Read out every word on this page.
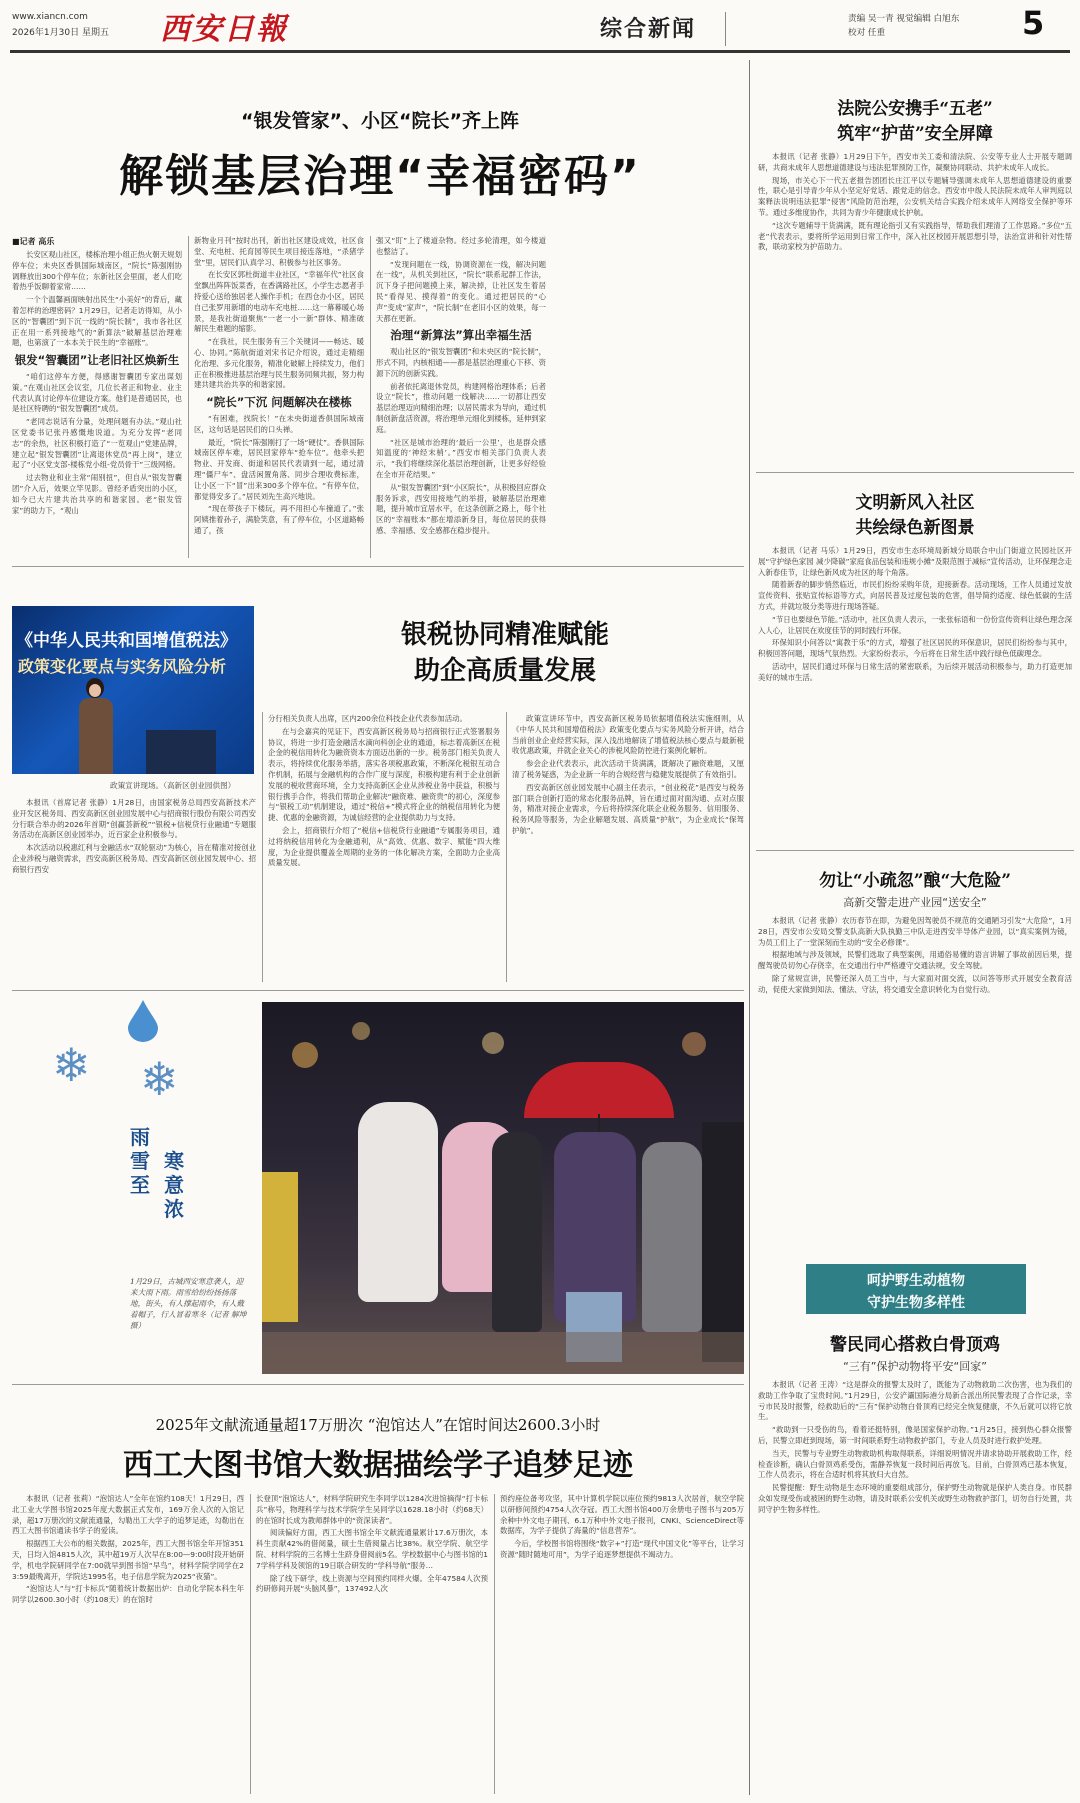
www.xiancn.com
2026年1月30日 星期五 西安日報	综合新闻	责编 吴一青 视觉编辑 白旭东
校对 任重	5
“银发管家”、小区“院长”齐上阵
解锁基层治理“幸福密码”
■记者 高乐

长安区观山社区，楼栋治理小组正热火朝天规划停车位；未央区香俱国际城南区，“院长”陈强刚协调释放出300个停车位；东新社区会里面，老人们吃着热乎饭聊着家常……

一个个温馨画面映射出民生“小美好”的背后，藏着怎样的治理密码？1月29日，记者走访得知，从小区的“智囊团”到下沉一线的“院长制”，我市各社区正在用一系列接地气的“新算法”破解基层治理难题，也第演了一本本关于民生的“幸福账”。

银发“智囊团”让老旧社区焕新生

“咱们这停车方便，得感谢智囊团专家出谋划策。”在观山社区会议室，几位长者正和物业、业主代表认真讨论停车位建设方案。他们是普通居民，也是社区特聘的“银发智囊团”成员。

“老同志说话有分量，处理问题有办法。”观山社区党委书记张丹感慨地说道。为充分发挥“老同志”的余热，社区积极打造了“一览观山”党建品牌，建立起“银发智囊团”让离退休党员“再上岗”，建立起了“小区党支部-楼栋党小组-党员骨干”三级网格。

过去物业和业主常“闹别扭”，但自从“银发智囊团”介入后，效果立竿见影。曾经矛盾突出的小区，如今已大片建共治共享的和谐家园。老“银发管家”的助力下，“观山

新物业月刊”按时出刊，新出社区建设成效，社区食堂、充电桩、托育园等民生项目接连落地，“杀猪学堂”里，居民们认真学习、积极参与社区事务。

在长安区郭杜街道丰业社区，“幸福年代”社区食堂飘出阵阵饭菜香，在香满路社区，小学生志愿者手持爱心送给独居老人操作手机；在西仓办小区，居民自己张罗用新增的电动车充电桩……这一幕幕暖心场景，是我社街道聚焦“一老一小一新”群体、精准破解民生难题的缩影。

“在我社，民生服务有三个关键词——畅达、暖心、协同。”陈航街道刘宋书记介绍说，通过走精细化治理、多元化服务，精准化破解上持续发力，他们正在积极推进基层治理与民生服务同频共振，努力构建共建共治共享的和谐家园。

“院长”下沉 问题解决在楼栋

“有困难，找院长！”在未央街道香俱国际城南区，这句话是居民们的口头禅。

最近，“院长”陈强刚打了一场“硬仗”。香俱国际城南区停车难，居民回家停车“抢车位”。他牵头把物业、开发商、街道和居民代表请到一起，通过清理“僵尸车”、盘活闲置角落、同步合理收费标准，让小区一下“冒”出来300多个停车位。“有停车位，都觉得安多了。”居民刘先生高兴地说。

“现在带孩子下楼玩，再不用担心车撞道了。”张阿姨推着孙子，满脸笑意，有了停车位，小区道路畅通了，孩

强又“盯”上了楼道杂物。经过多轮清理，如今楼道也整洁了。

“发现问题在一线，协调资源在一线，解决问题在一线”，从机关到社区，“院长”联系起群工作法，沉下身子把问题摸上来，解决掉，让社区发生着居民“看得见、摸得着”的变化。通过把居民的“心声”变成“家声”，“院长制”在老旧小区的效果，每一天都在更新。

治理“新算法”算出幸福生活

观山社区的“银发智囊团”和未央区的“院长制”，形式不同，内核相通——都是基层治理重心下移、资源下沉的创新实践。

前者依托离退休党员，构建网格治理体系；后者设立“院长”，推动问题一线解决……一切都让西安基层治理迈向精细治理；以居民需求为导向，通过机制创新盘活资源，将治理单元细化到楼栋，延伸到家庭。

“社区是城市治理的‘最后一公里’，也是群众感知温度的‘神经末梢’。”西安市相关部门负责人表示，“我们将继续深化基层治理创新，让更多好经验在全市开花结果。”

从“银发智囊团”到“小区院长”，从积极回应群众服务诉求，西安用接地气的举措，破解基层治理难题，提升城市宜居水平，在这条创新之路上，每个社区的“幸福账本”都在增添新身目，每位居民的获得感、幸福感、安全感都在稳步提升。

《中华人民共和国增值税法》
政策变化要点与实务风险分析
政策宣讲现场。（高新区创业园供图）
银税协同精准赋能
助企高质量发展

本报讯（首席记者 张静）1月28日，由国家税务总局西安高新技术产业开发区税务局、西安高新区创业园发展中心与招商银行股份有限公司西安分行联合举办的2026年首期“创赢荟新税”“银税+信税贷行业融通”专题服务活动在高新区创业园举办，近百家企业积极参与。

本次活动以税惠红利与金融活水“双轮驱动”为核心，旨在精准对接创业企业涉税与融资需求，西安高新区税务局、西安高新区创业园发展中心、招商银行西安

分行相关负责人出席，区内200余位科技企业代表参加活动。

在与会嘉宾的见证下，西安高新区税务局与招商银行正式签署服务协议，将进一步打造金融活水滴向科创企业的通道，标志着高新区在税企金的税信用转化为融资资本方面迈出新的一步。税务部门相关负责人表示，将持续优化服务举措，落实各项税惠政策，不断深化税银互动合作机制，拓展与金融机构的合作广度与深度，积极构建有利于企业创新发展的税收营商环境，全力支持高新区企业从涉税业务中获益，积极与银行携手合作，将我们帮助企业解决“融资难、融资贵”的初心，深度参与“银税工动”机制建设，通过“税信+”模式将企业的纳税信用转化为便捷、优惠的金融资源，为诚信经营的企业提供助力与支持。

会上，招商银行介绍了“税信+信税贷行业融通”专属服务项目，通过将纳税信用转化为金融通利，从“高效、优惠、数字、赋能”四大维度，为企业提供覆盖全周期的业务的一体化解决方案，全面助力企业高质量发展。

政策宣讲环节中，西安高新区税务局依据增值税法实施细则，从《中华人民共和国增值税法》政策变化要点与实务风险分析开讲，结合当前创业企业经营实际，深入浅出地解读了增值税法核心要点与最新税收优惠政策，并就企业关心的涉税风险防控进行案例化解析。

参会企业代表表示，此次活动干货满满，既解决了融资难题，又厘清了税务疑惑，为企业新一年的合规经营与稳健发展提供了有效指引。

西安高新区创业园发展中心副主任表示，“创业税花”是西安与税务部门联合创新打造的常态化服务品牌，旨在通过面对面沟通、点对点服务，精准对接企业需求，今后将持续深化联企业税务服务、信用服务、税务风险等服务，为企业解题发展、高质量“护航”，为企业成长“保驾护航”。

❄ ❄
雨
雪
至
寒
意
浓
1月29日，古城西安寒意袭人，迎来大雨下雨。雨雪给纷纷扬扬落地，街头，有人撑起雨伞，有人戴着帽子，行人冒着寒冬（记者 解坤 摄）
2025年文献流通量超17万册次 “泡馆达人”在馆时间达2600.3小时
西工大图书馆大数据描绘学子追梦足迹

本报讯（记者 张莉）“泡馆达人”全年在馆约108天！1月29日，西北工业大学图书馆2025年度大数据正式发布，169万余人次的入馆记录，超17万册次的文献流通量，勾勒出工大学子的追梦足迹，勾勒出在西工大图书馆通读书学子的爱读。

根据西工大公布的相关数据，2025年，西工大图书馆全年开馆351天，日均入馆4815人次，其中超19万人次早在8:00—9:00时段开始研学，机电学院研同学在7:00就早到图书馆“早鸟”，材料学院学同学在23:59最晚离开，学院达1995名，电子信息学院为2025“夜猫”。

“泡馆达人”与“打卡标兵”随着统计数据出炉：自动化学院本科生年同学以2600.30小时（约108天）的在馆时

长登顶“泡馆达人”，材料学院研究生李同学以1284次进馆摘得“打卡标兵”称号，物理科学与技术学院学生吴同学以1628.18小时（约68天）的在馆时长成为教师群体中的“资深读者”。

阅读偏好方面，西工大图书馆全年文献流通量累计17.6万册次，本科生贡献42%的借阅量，硕士生借阅量占比38%。航空学院、航空学院、材料学院的三名博士生跻身借阅前5名。学校数据中心与图书馆的17学科学科及领馆的19日联合研发的“学科导航”服务…

除了线下研学，线上资源与空间预约同样火爆。全年47584人次预约研修间开展“头脑风暴”，137492人次

预约座位备考攻坚，其中计算机学院以座位预约9813人次居首，航空学院以研修间预约4754人次夺冠。西工大图书馆400万余册电子图书与205万余种中外文电子期刊、6.1万种中外文电子报刊，CNKI、ScienceDirect等数据库，为学子提供了海量的“信息营养”。

今后，学校图书馆将围绕“数字+”打造“现代中国文化”等平台，让学习资源“随时随地可用”，为学子追逐梦想提供不竭动力。

法院公安携手“五老”
筑牢“护苗”安全屏障

本报讯（记者 张静）1月29日下午，西安市关工委和清法院、公安等专业人士开展专题调研，共商未成年人思想道德建设与违法犯罪预防工作，凝聚协同联动、共护未成年人成长。

现场，市关心下一代五老报告团团长庄江平以专题辅导强调未成年人思想道德建设的重要性，联心是引导青少年从小坚定好党话、跟党走的信念。西安市中级人民法院未成年人审判庭以案释法说明违法犯罪“侵害”风险防范治理，公安机关结合实践介绍未成年人网络安全保护等环节。通过多维度协作，共同为青少年健康成长护航。

“这次专题辅导干货满满，既有理论指引又有实践指导，帮助我们理清了工作思路。”多位“五老”代表表示，要将所学运用到日常工作中，深入社区校园开展思想引导，法治宣讲和针对性帮教，联动家校为护苗助力。

文明新风入社区
共绘绿色新图景

本报讯（记者 马乐）1月29日，西安市生态环境局新城分局联合中山门街道立民园社区开展“守护绿色家园 减少降碳”家庭食品包装和违规小摊“及限范围于减标”宣传活动，让环保理念走入新春佳节，让绿色新风成为社区的每个角落。

随着新春的脚步悄然临近，市民们纷纷采购年货，迎接新春。活动现场，工作人员通过发放宣传资料、张贴宣传标语等方式，向居民普及过度包装的危害，倡导简约适度、绿色低碳的生活方式，并就垃圾分类等进行现场答疑。

“节日也要绿色节能。”活动中，社区负责人表示，一张张标语和一份份宣传资料让绿色理念深入人心，让居民在欢度佳节的同时践行环保。

环保知识小问答以“寓教于乐”的方式，增强了社区居民的环保意识，居民们纷纷参与其中，积极回答问题，现场气氛热烈。大家纷纷表示，今后将在日常生活中践行绿色低碳理念。

活动中，居民们通过环保与日常生活的紧密联系，为后续开展活动积极参与，助力打造更加美好的城市生活。

勿让“小疏忽”酿“大危险”
高新交警走进产业园“送安全”

本报讯（记者 张静）农历春节在即，为避免因驾驶员不规范的交通陋习引发“大危险”，1月28日，西安市公安局交警支队高新大队执勤三中队走进西安半导体产业园，以“真实案例为镜，为员工们上了一堂深刻而生动的“安全必修课”。

根据地域与涉及领域，民警们选取了典型案例，用通俗易懂的语言讲解了事故前因后果，提醒驾驶员切勿心存侥幸，在交通出行中严格遵守交通法规，安全驾驶。

除了常规宣讲，民警还深入员工当中，与大家面对面交流，以问答等形式开展安全教育活动，促使大家做到知法、懂法、守法，将交通安全意识转化为自觉行动。

呵护野生动植物
守护生物多样性
警民同心搭救白骨顶鸡
“三有”保护动物将平安“回家”

本报讯（记者 王涛）“这是群众的报警太及时了，既能为了动物救助二次伤害，也为我们的救助工作争取了宝贵时间。”1月29日，公安浐灞国际港分局新合派出所民警表现了合作记录，幸亏市民及时报警，经救助后的“三有”保护动物白骨顶鸡已经完全恢复健康，不久后就可以将它放生。

“救助到一只受伤的鸟，看着还挺特别，像是国家保护动物。”1月25日，接到热心群众报警后，民警立即赶到现场，第一时间联系野生动物救护部门，专业人员及时进行救护处理。

当天，民警与专业野生动物救助机构取得联系，详细说明情况并请求协助开展救助工作，经检查诊断，确认白骨顶鸡系受伤，需静养恢复一段时间后再放飞。目前，白骨顶鸡已基本恢复，工作人员表示，将在合适时机将其放归大自然。

民警提醒：野生动物是生态环境的重要组成部分，保护野生动物就是保护人类自身。市民群众如发现受伤或被困的野生动物，请及时联系公安机关或野生动物救护部门，切勿自行处置，共同守护生物多样性。
